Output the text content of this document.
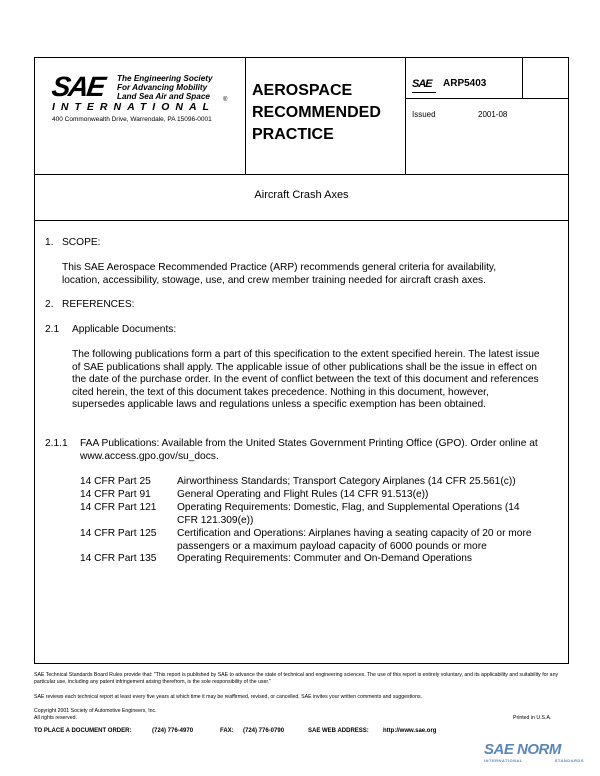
SAE The Engineering Society
For Advancing Mobility
Land Sea Air and Space
INTERNATIONAL
®
400 Commonwealth Drive, Warrendale, PA 15096-0001
AEROSPACE
RECOMMENDED
PRACTICE
SAE ARP5403
Issued	2001-08
Aircraft Crash Axes
1. SCOPE:
This SAE Aerospace Recommended Practice (ARP) recommends general criteria for availability, location, accessibility, stowage, use, and crew member training needed for aircraft crash axes.
2. REFERENCES:
2.1 Applicable Documents:
The following publications form a part of this specification to the extent specified herein. The latest issue of SAE publications shall apply. The applicable issue of other publications shall be the issue in effect on the date of the purchase order. In the event of conflict between the text of this document and references cited herein, the text of this document takes precedence. Nothing in this document, however, supersedes applicable laws and regulations unless a specific exemption has been obtained.
2.1.1 FAA Publications: Available from the United States Government Printing Office (GPO). Order online at www.access.gpo.gov/su_docs.
14 CFR Part 25	Airworthiness Standards; Transport Category Airplanes (14 CFR 25.561(c))
14 CFR Part 91	General Operating and Flight Rules (14 CFR 91.513(e))
14 CFR Part 121 Operating Requirements: Domestic, Flag, and Supplemental Operations (14 CFR 121.309(e))
14 CFR Part 125 Certification and Operations: Airplanes having a seating capacity of 20 or more passengers or a maximum payload capacity of 6000 pounds or more
14 CFR Part 135 Operating Requirements: Commuter and On-Demand Operations
SAE Technical Standards Board Rules provide that: "This report is published by SAE to advance the state of technical and engineering sciences. The use of this report is entirely voluntary, and its applicability and suitability for any particular use, including any patent infringement arising therefrom, is the sole responsibility of the user."
SAE reviews each technical report at least every five years at which time it may be reaffirmed, revised, or cancelled. SAE invites your written comments and suggestions.
Copyright 2001 Society of Automotive Engineers, Inc.
All rights reserved.	Printed in U.S.A.
TO PLACE A DOCUMENT ORDER:	(724) 776-4970	FAX: (724) 776-0790	SAE WEB ADDRESS: http://www.sae.org
SAE NORM
INTERNATIONAL	STANDARDS
